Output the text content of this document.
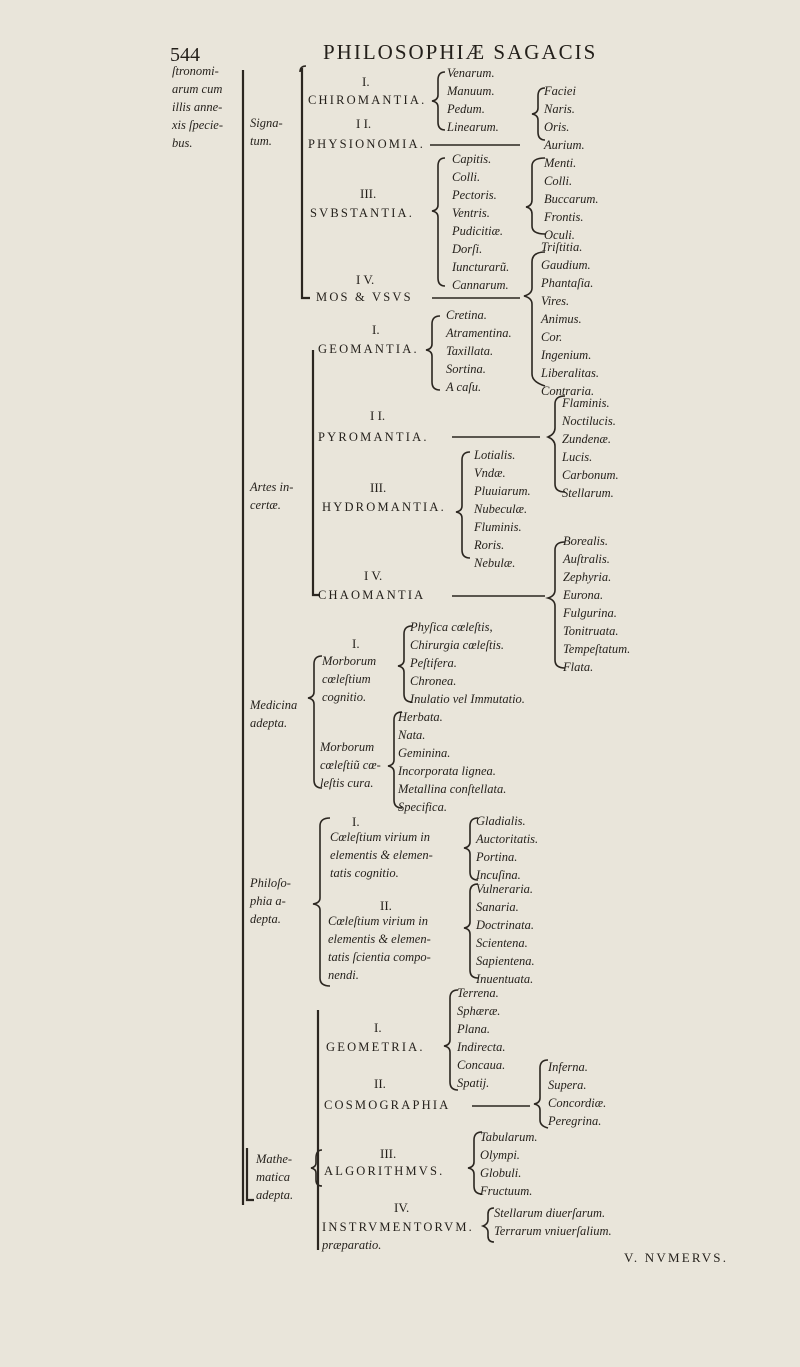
544	PHILOSOPHIÆ SAGACIS
ſtronomi-
arum cum
illis anne-
xis ſpecie-
bus.
Signa-
tum.
Artes in-
certæ.
Medicina
adepta.
Philoſo-
phia a-
depta.
Mathe-
matica
adepta.
I.
CHIROMANTIA.
Venarum.
Manuum.
Pedum.
Linearum.
I I.
PHYSIONOMIA.
Faciei
Naris.
Oris.
Aurium.
Menti.
Colli.
Buccarum.
Frontis.
Oculi.
III.
SVBSTANTIA.
Capitis.
Colli.
Pectoris.
Ventris.
Pudicitiæ.
Dorſi.
Iuncturarũ.
Cannarum.
I V.
MOS & VSVS
Triſtitia.
Gaudium.
Phantaſia.
Vires.
Animus.
Cor.
Ingenium.
Liberalitas.
Contraria.
I.
GEOMANTIA.
Cretina.
Atramentina.
Taxillata.
Sortina.
A caſu.
I I.
PYROMANTIA.
Flaminis.
Noctilucis.
Zundenæ.
Lucis.
Carbonum.
Stellarum.
III.
HYDROMANTIA.
Lotialis.
Vndæ.
Pluuiarum.
Nubeculæ.
Fluminis.
Roris.
Nebulæ.
I V.
CHAOMANTIA
Borealis.
Auſtralis.
Zephyria.
Eurona.
Fulgurina.
Tonitruata.
Tempeſtatum.
Flata.
I.
Morborum
cœleſtium
cognitio.
Phyſica cœleſtis,
Chirurgia cœleſtis.
Peſtifera.
Chronea.
Inulatio vel Immutatio.
Morborum
cœleſtiũ cœ-
leſtis cura.
Herbata.
Nata.
Geminina.
Incorporata lignea.
Metallina conſtellata.
Specifica.
I.
Cœleſtium virium in
elementis & elemen-
tatis cognitio.
Gladialis.
Auctoritatis.
Portina.
Incuſina.
II.
Cœleſtium virium in
elementis & elemen-
tatis ſcientia compo-
nendi.
Vulneraria.
Sanaria.
Doctrinata.
Scientena.
Sapientena.
Inuentuata.
I.
GEOMETRIA.
Terrena.
Sphæræ.
Plana.
Indirecta.
Concaua.
Spatij.
II.
COSMOGRAPHIA
Inferna.
Supera.
Concordiæ.
Peregrina.
III.
ALGORITHMVS.
Tabularum.
Olympi.
Globuli.
Fructuum.
IV.
INSTRVMENTORVM.
præparatio.
Stellarum diuerſarum.
Terrarum vniuerſalium.
V. NVMERVS.
